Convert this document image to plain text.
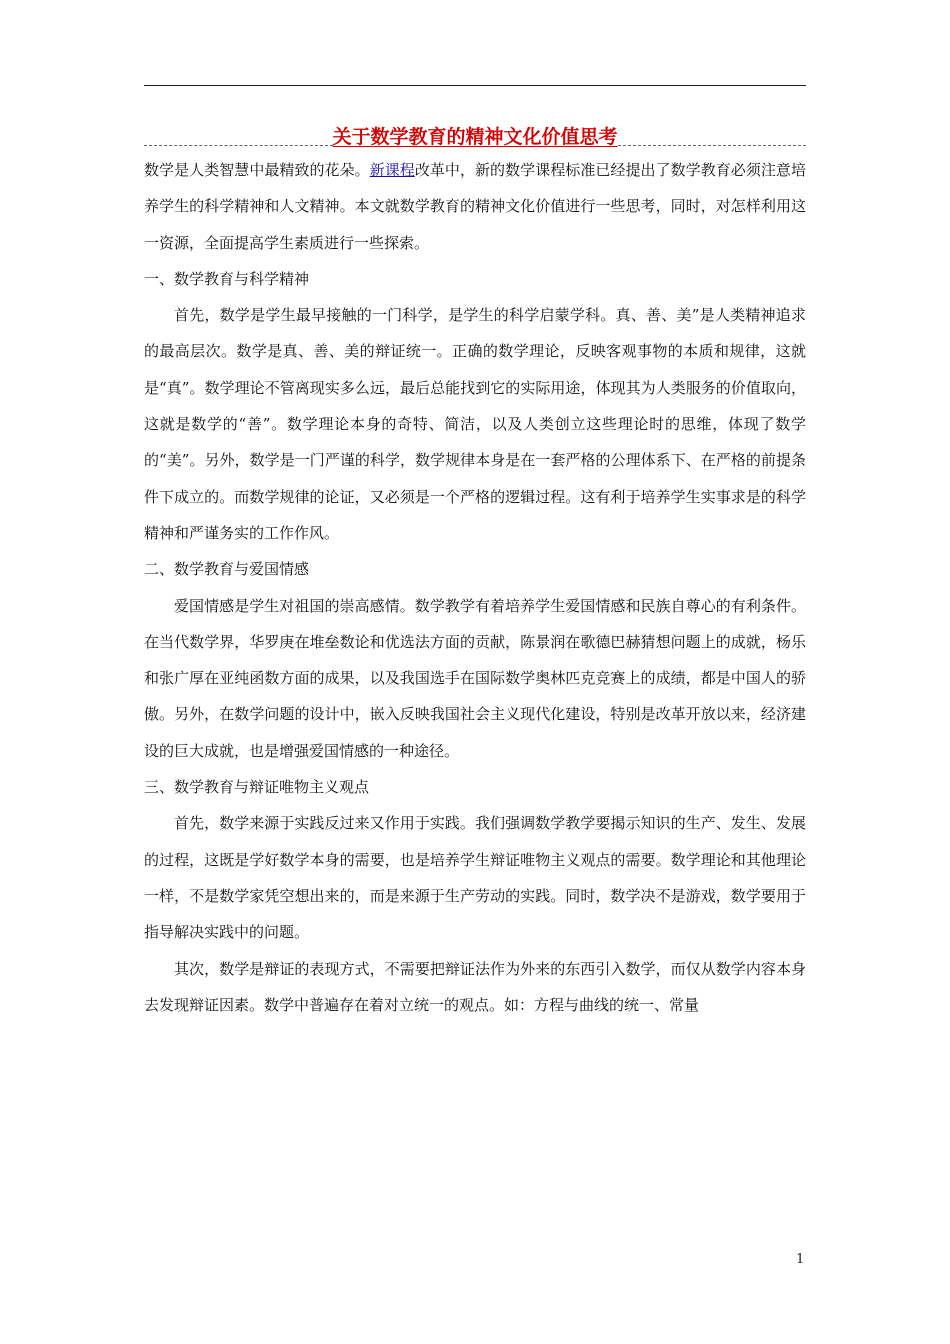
关于数学教育的精神文化价值思考

数学是人类智慧中最精致的花朵。新课程改革中，新的数学课程标准已经提出了数学教育必须注意培养学生的科学精神和人文精神。本文就数学教育的精神文化价值进行一些思考，同时，对怎样利用这一资源，全面提高学生素质进行一些探索。

一、数学教育与科学精神

首先，数学是学生最早接触的一门科学，是学生的科学启蒙学科。真、善、美”是人类精神追求的最高层次。数学是真、善、美的辩证统一。正确的数学理论，反映客观事物的本质和规律，这就是“真”。数学理论不管离现实多么远，最后总能找到它的实际用途，体现其为人类服务的价值取向，这就是数学的“善”。数学理论本身的奇特、简洁，以及人类创立这些理论时的思维，体现了数学的“美”。另外，数学是一门严谨的科学，数学规律本身是在一套严格的公理体系下、在严格的前提条件下成立的。而数学规律的论证，又必须是一个严格的逻辑过程。这有利于培养学生实事求是的科学精神和严谨务实的工作作风。

二、数学教育与爱国情感

爱国情感是学生对祖国的崇高感情。数学教学有着培养学生爱国情感和民族自尊心的有利条件。在当代数学界，华罗庚在堆垒数论和优选法方面的贡献，陈景润在歌德巴赫猜想问题上的成就，杨乐和张广厚在亚纯函数方面的成果，以及我国选手在国际数学奥林匹克竞赛上的成绩，都是中国人的骄傲。另外，在数学问题的设计中，嵌入反映我国社会主义现代化建设，特别是改革开放以来，经济建设的巨大成就，也是增强爱国情感的一种途径。

三、数学教育与辩证唯物主义观点

首先，数学来源于实践反过来又作用于实践。我们强调数学教学要揭示知识的生产、发生、发展的过程，这既是学好数学本身的需要，也是培养学生辩证唯物主义观点的需要。数学理论和其他理论一样，不是数学家凭空想出来的，而是来源于生产劳动的实践。同时，数学决不是游戏，数学要用于指导解决实践中的问题。

其次，数学是辩证的表现方式，不需要把辩证法作为外来的东西引入数学，而仅从数学内容本身去发现辩证因素。数学中普遍存在着对立统一的观点。如：方程与曲线的统一、常量

1
